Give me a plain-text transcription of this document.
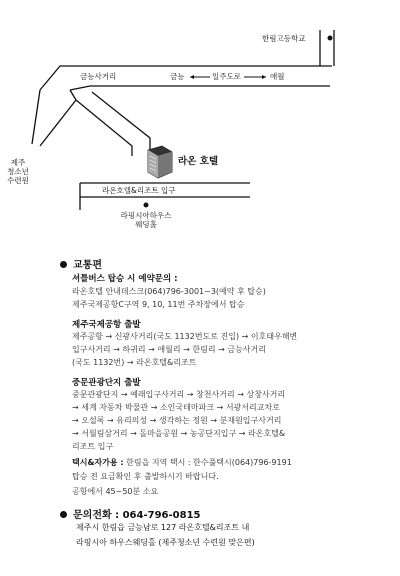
한림고등학교
금능사거리	금능	일주도로	애월
제주
청소년
수련원
라온 호텔
라온호텔&리조트 입구
라핑시아하우스
웨딩홀
교통편
셔틀버스 탑승 시 예약문의 :
라온호텔 안내데스크(064)796-3001~3(예약 후 탑승)
제주국제공항C구역 9, 10, 11번 주차장에서 탑승
제주국제공항 출발
제주공항 → 신광사거리(국도 1132번도로 진입) → 이호태우해변
입구사거리 → 하귀리 → 애월리 → 한림리 → 금능사거리
(국도 1132번) → 라온호텔&리조트
중문관광단지 출발
중문관광단지 → 예래입구사거리 → 창천사거리 → 상창사거리
→ 세계 자동차 박물관 → 소인국테마파크 → 서광서리교차로
→ 오설록 → 유리의성 → 생각하는 정원 → 분재원입구사거리
→ 서월림삼거리 → 돌마을공원 → 농공단지입구 → 라온호텔&
리조트 입구
택시&자가용 : 한림읍 지역 택시 : 한수풀택시(064)796-9191
탑승 전 요금확인 후 출발하시기 바랍니다.
공항에서 45~50분 소요
문의전화 : 064-796-0815
제주시 한림읍 금능남로 127 라온호텔&리조트 내
라핑시아 하우스웨딩홀 (제주청소년 수련원 맞은편)
